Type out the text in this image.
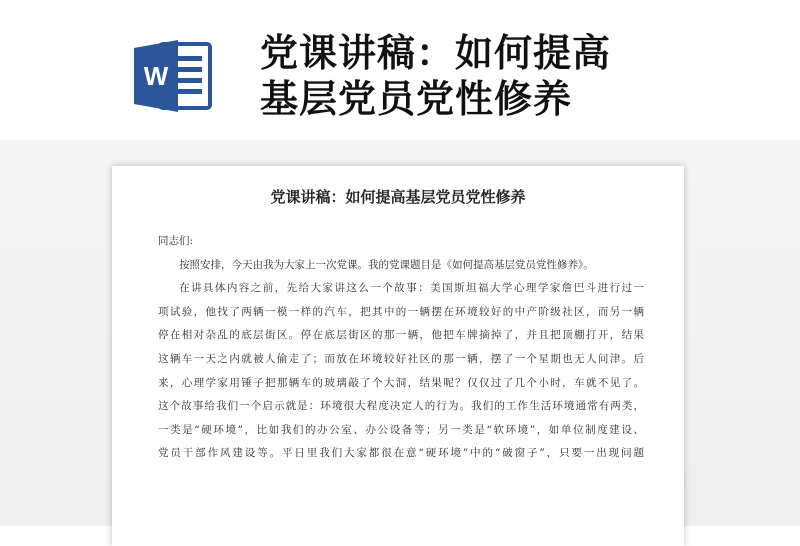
W
党课讲稿：如何提高
基层党员党性修养
党课讲稿：如何提高基层党员党性修养
同志们:
按照安排，今天由我为大家上一次党课。我的党课题目是《如何提高基层党员党性修养》。
在讲具体内容之前，先给大家讲这么一个故事：美国斯坦福大学心理学家詹巴斗进行过一
项试验，他找了两辆一模一样的汽车，把其中的一辆摆在环境较好的中产阶级社区，而另一辆
停在相对杂乱的底层街区。停在底层街区的那一辆，他把车牌摘掉了，并且把顶棚打开，结果
这辆车一天之内就被人偷走了；而放在环境较好社区的那一辆，摆了一个星期也无人问津。后
来，心理学家用锤子把那辆车的玻璃敲了个大洞，结果呢？仅仅过了几个小时，车就不见了。
这个故事给我们一个启示就是：环境很大程度决定人的行为。我们的工作生活环境通常有两类，
一类是“硬环境”，比如我们的办公室、办公设备等；另一类是“软环境”，如单位制度建设、
党员干部作风建设等。平日里我们大家都很在意“硬环境”中的“破窗子”，只要一出现问题
